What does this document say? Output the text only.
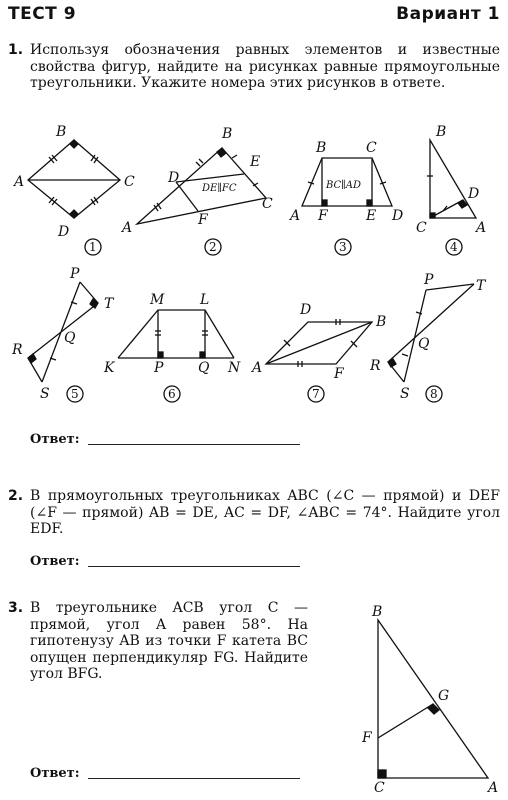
ТЕСТ 9	Вариант 1
1. Используя обозначения равных элементов и известные свойства фигур, найдите на рисунках равные прямоугольные треугольники. Укажите номера этих рисунков в ответе.
B
A	C
D
1
B
D
E
C
F
A
DE∥FC
2
B	C
A F	E D
BC∥AD
3
B
D
C	A
4
P
T
Q
R
S 5
M	L
K	P Q N
6
D
B
A	F
7
P	T
Q
R
S 8
Ответ:
2. В прямоугольных треугольниках ABC (∠C — прямой) и DEF (∠F — прямой) AB = DE, AC = DF, ∠ABC = 74°. Найдите угол EDF.
Ответ:
3. В треугольнике ACB угол C — прямой, угол A равен 58°. На гипотенузу AB из точки F катета BC опущен перпендикуляр FG. Найдите угол BFG.
B
G
F
C	A
Ответ:
